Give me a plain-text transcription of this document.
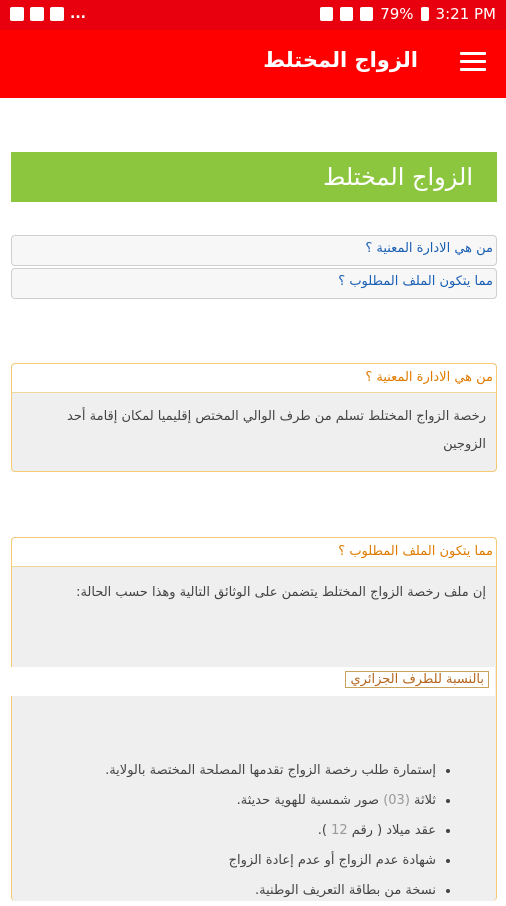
...	79% 3:21 PM
الزواج المختلط
الزواج المختلط
من هي الادارة المعنية ؟
مما يتكون الملف المطلوب ؟
من هي الادارة المعنية ؟
رخصة الزواج المختلط تسلم من طرف الوالي المختص إقليميا لمكان إقامة أحد الزوجين
مما يتكون الملف المطلوب ؟
إن ملف رخصة الزواج المختلط يتضمن على الوثائق التالية وهذا حسب الحالة:
بالنسبة للطرف الجزائري
• إستمارة طلب رخصة الزواج تقدمها المصلحة المختصة بالولاية.
• ثلاثة (03) صور شمسية للهوية حديثة.
• عقد ميلاد ( رقم 12 ).
• شهادة عدم الزواج أو عدم إعادة الزواج
• نسخة من بطاقة التعريف الوطنية.
